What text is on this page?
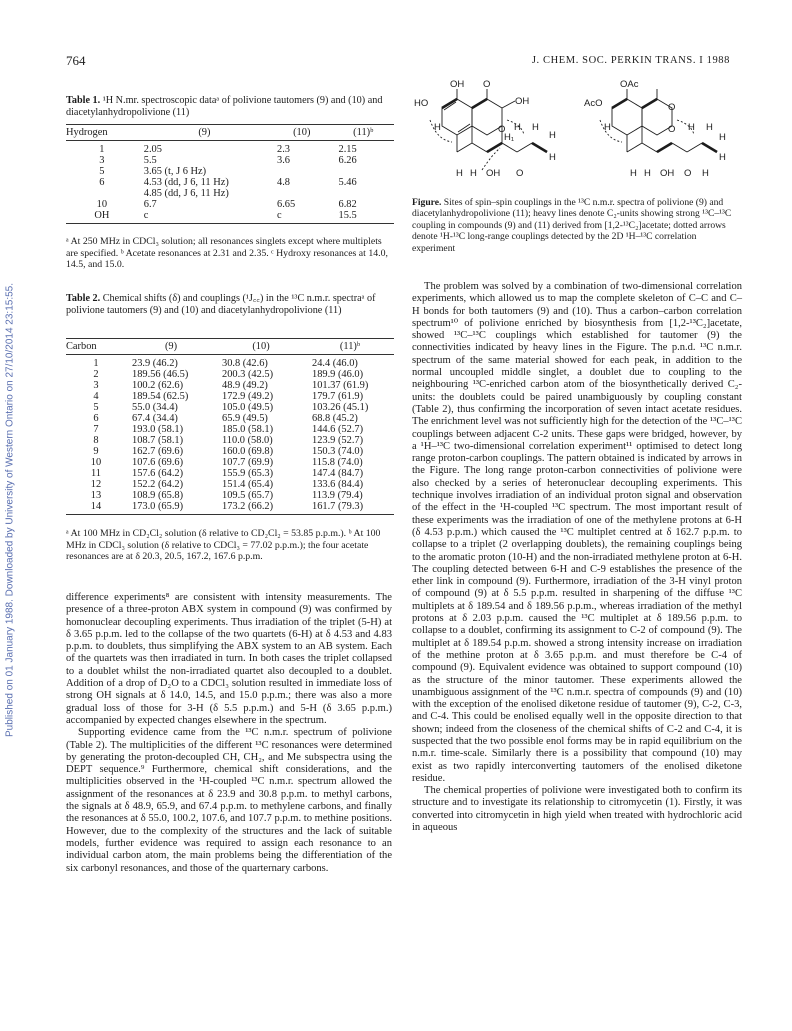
764	J. CHEM. SOC. PERKIN TRANS. I 1988
Published on 01 January 1988. Downloaded by University of Western Ontario on 27/10/2014 23:15:55.
Table 1. ¹H N.mr. spectroscopic dataᵃ of polivione tautomers (9) and (10) and diacetylanhydropolivione (11)
Hydrogen	(9)	(10)	(11)ᵇ
1	2.05	2.3	2.15
3	5.5	3.6	6.26
5	3.65 (t, J 6 Hz)		
6	4.53 (dd, J 6, 11 Hz)	4.8	5.46
	4.85 (dd, J 6, 11 Hz)		
10	6.7	6.65	6.82
OH	c	c	15.5
ᵃ At 250 MHz in CDCl₃ solution; all resonances singlets except where multiplets are specified. ᵇ Acetate resonances at 2.31 and 2.35. ᶜ Hydroxy resonances at 14.0, 14.5, and 15.0.
Table 2. Chemical shifts (δ) and couplings (¹J꜀꜀) in the ¹³C n.m.r. spectraᵃ of polivione tautomers (9) and (10) and diacetylanhydropolivione (11)
Carbon	(9)	(10)	(11)ᵇ
1	23.9 (46.2)	30.8 (42.6)	24.4 (46.0)
2	189.56 (46.5)	200.3 (42.5)	189.9 (46.0)
3	100.2 (62.6)	48.9 (49.2)	101.37 (61.9)
4	189.54 (62.5)	172.9 (49.2)	179.7 (61.9)
5	55.0 (34.4)	105.0 (49.5)	103.26 (45.1)
6	67.4 (34.4)	65.9 (49.5)	68.8 (45.2)
7	193.0 (58.1)	185.0 (58.1)	144.6 (52.7)
8	108.7 (58.1)	110.0 (58.0)	123.9 (52.7)
9	162.7 (69.6)	160.0 (69.8)	150.3 (74.0)
10	107.6 (69.6)	107.7 (69.9)	115.8 (74.0)
11	157.6 (64.2)	155.9 (65.3)	147.4 (84.7)
12	152.2 (64.2)	151.4 (65.4)	133.6 (84.4)
13	108.9 (65.8)	109.5 (65.7)	113.9 (79.4)
14	173.0 (65.9)	173.2 (66.2)	161.7 (79.3)
ᵃ At 100 MHz in CD₂Cl₂ solution (δ relative to CD₂Cl₂ = 53.85 p.p.m.). ᵇ At 100 MHz in CDCl₃ solution (δ relative to CDCl₃ = 77.02 p.p.m.); the four acetate resonances are at δ 20.3, 20.5, 167.2, 167.6 p.p.m.

difference experiments⁸ are consistent with intensity measurements. The presence of a three-proton ABX system in compound (9) was confirmed by homonuclear decoupling experiments. Thus irradiation of the triplet (5-H) at δ 3.65 p.p.m. led to the collapse of the two quartets (6-H) at δ 4.53 and 4.83 p.p.m. to doublets, thus simplifying the ABX system to an AB system. Each of the quartets was then irradiated in turn. In both cases the triplet collapsed to a doublet whilst the non-irradiated quartet also decoupled to a doublet. Addition of a drop of D₂O to a CDCl₃ solution resulted in immediate loss of strong OH signals at δ 14.0, 14.5, and 15.0 p.p.m.; there was also a more gradual loss of those for 3-H (δ 5.5 p.p.m.) and 5-H (δ 3.65 p.p.m.) accompanied by expected changes elsewhere in the spectrum.

Supporting evidence came from the ¹³C n.m.r. spectrum of polivione (Table 2). The multiplicities of the different ¹³C resonances were determined by generating the proton-decoupled CH, CH₂, and Me subspectra using the DEPT sequence.⁹ Furthermore, chemical shift considerations, and the multiplicities observed in the ¹H-coupled ¹³C n.m.r. spectrum allowed the assignment of the resonances at δ 23.9 and 30.8 p.p.m. to methyl carbons, the signals at δ 48.9, 65.9, and 67.4 p.p.m. to methylene carbons, and finally the resonances at δ 55.0, 100.2, 107.6, and 107.7 p.p.m. to methine positions. However, due to the complexity of the structures and the lack of suitable models, further evidence was required to assign each resonance to an individual carbon atom, the main problems being the differentiation of the six carbonyl resonances, and those of the quarternary carbons.

OH O
HO	OH
O
H	H H
H₁	H
H
H H OH O
OAc
O
AcO
O
H	H H
H
H
H H OH O H
Figure. Sites of spin–spin couplings in the ¹³C n.m.r. spectra of polivione (9) and diacetylanhydropolivione (11); heavy lines denote C₂-units showing strong ¹³C–¹³C coupling in compounds (9) and (11) derived from [1,2-¹³C₂]acetate; dotted arrows denote ¹H-¹³C long-range couplings detected by the 2D ¹H–¹³C correlation experiment

The problem was solved by a combination of two-dimensional correlation experiments, which allowed us to map the complete skeleton of C–C and C–H bonds for both tautomers (9) and (10). Thus a carbon–carbon correlation spectrum¹⁰ of polivione enriched by biosynthesis from [1,2-¹³C₂]acetate, showed ¹³C–¹³C couplings which established for tautomer (9) the connectivities indicated by heavy lines in the Figure. The p.n.d. ¹³C n.m.r. spectrum of the same material showed for each peak, in addition to the normal uncoupled middle singlet, a doublet due to coupling to the neighbouring ¹³C-enriched carbon atom of the biosynthetically derived C₂-units: the doublets could be paired unambiguously by coupling constant (Table 2), thus confirming the incorporation of seven intact acetate residues. The enrichment level was not sufficiently high for the detection of the ¹³C–¹³C couplings between adjacent C-2 units. These gaps were bridged, however, by a ¹H–¹³C two-dimensional correlation experiment¹¹ optimised to detect long range proton-carbon couplings. The pattern obtained is indicated by arrows in the Figure. The long range proton-carbon connectivities of polivione were also checked by a series of heteronuclear decoupling experiments. This technique involves irradiation of an individual proton signal and observation of the effect in the ¹H-coupled ¹³C spectrum. The most important result of these experiments was the irradiation of one of the methylene protons at 6-H (δ 4.53 p.p.m.) which caused the ¹³C multiplet centred at δ 162.7 p.p.m. to collapse to a triplet (2 overlapping doublets), the remaining couplings being to the aromatic proton (10-H) and the non-irradiated methylene proton at 6-H. The coupling detected between 6-H and C-9 establishes the presence of the ether link in compound (9). Furthermore, irradiation of the 3-H vinyl proton of compound (9) at δ 5.5 p.p.m. resulted in sharpening of the diffuse ¹³C multiplets at δ 189.54 and δ 189.56 p.p.m., whereas irradiation of the methyl protons at δ 2.03 p.p.m. caused the ¹³C multiplet at δ 189.56 p.p.m. to collapse to a doublet, confirming its assignment to C-2 of compound (9). The multiplet at δ 189.54 p.p.m. showed a strong intensity increase on irradiation of the methine proton at δ 3.65 p.p.m. and must therefore be C-4 of compound (9). Equivalent evidence was obtained to support compound (10) as the structure of the minor tautomer. These experiments allowed the unambiguous assignment of the ¹³C n.m.r. spectra of compounds (9) and (10) with the exception of the enolised diketone residue of tautomer (9), C-2, C-3, and C-4. This could be enolised equally well in the opposite direction to that shown; indeed from the closeness of the chemical shifts of C-2 and C-4, it is suspected that the two possible enol forms may be in rapid equilibrium on the n.m.r. time-scale. Similarly there is a possibility that compound (10) may exist as two rapidly interconverting tautomers of the enolised diketone residue.

The chemical properties of polivione were investigated both to confirm its structure and to investigate its relationship to citromycetin (1). Firstly, it was converted into citromycetin in high yield when treated with hydrochloric acid in aqueous
